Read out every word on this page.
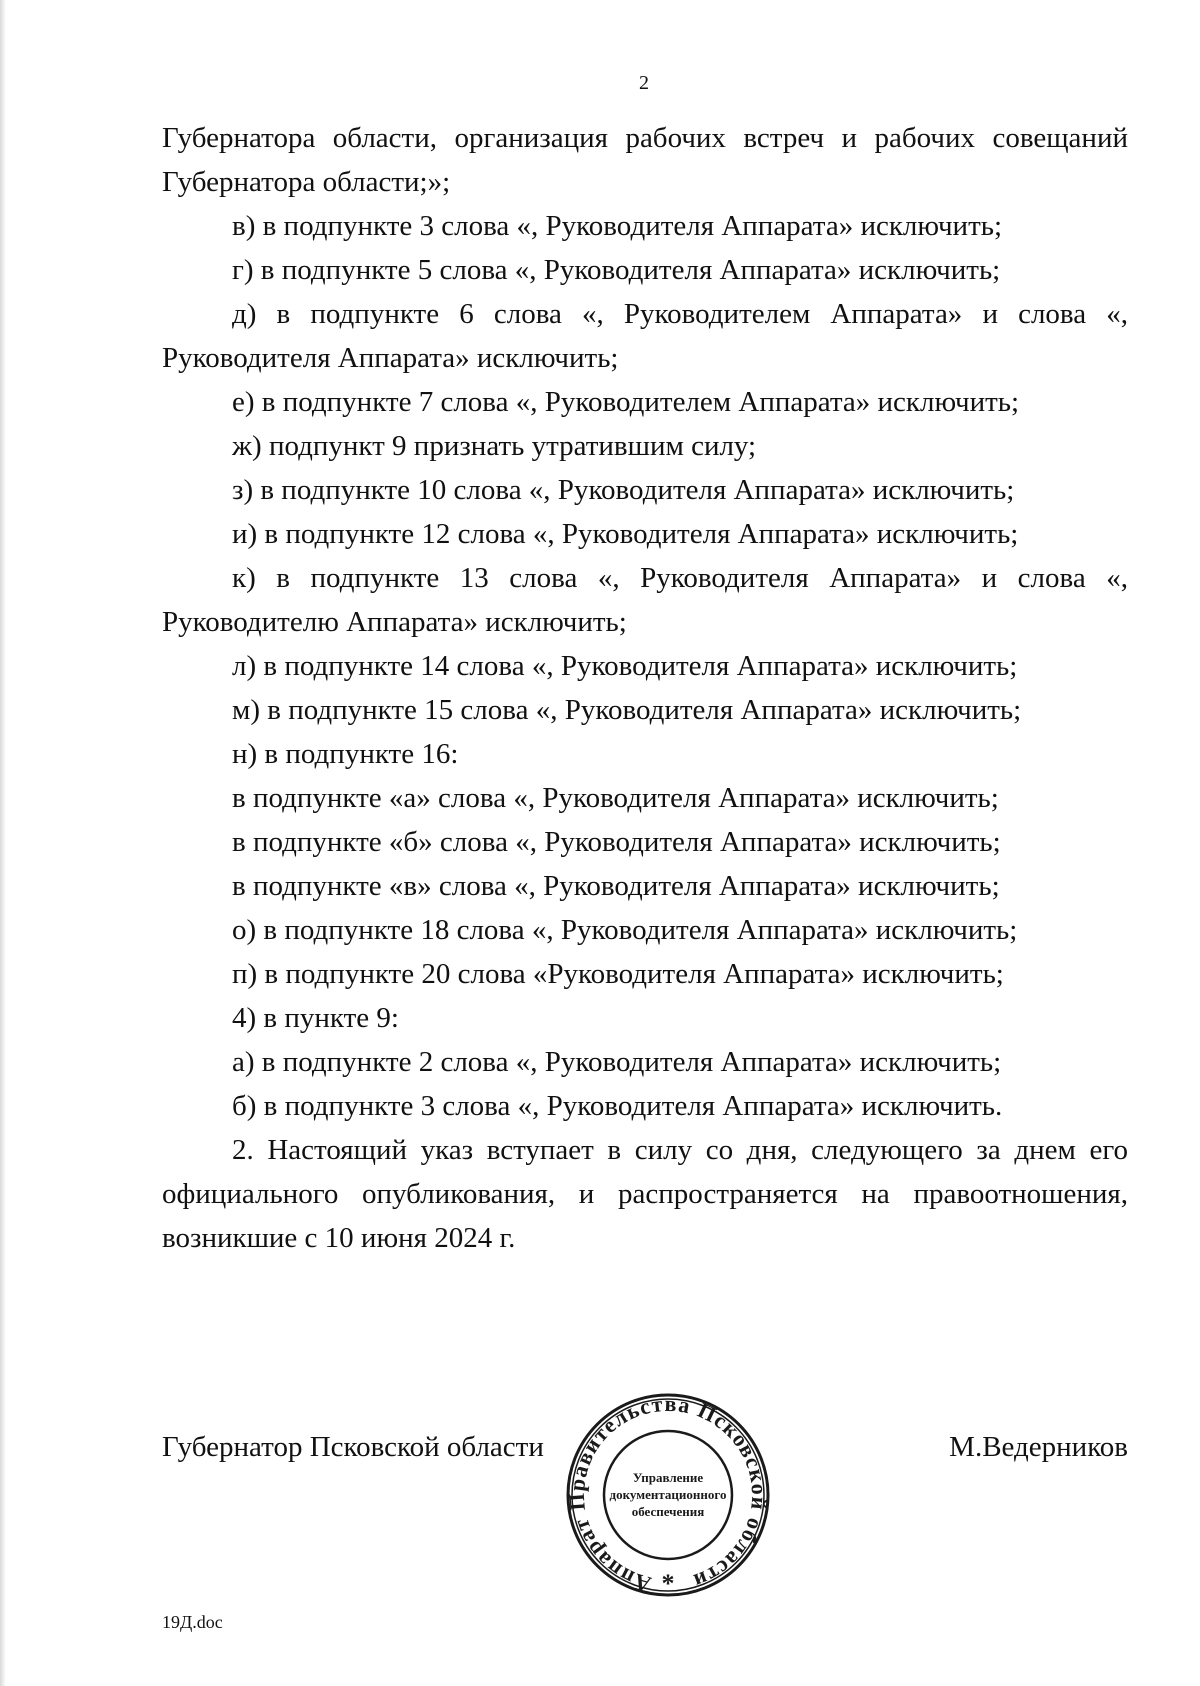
2

Губернатора области, организация рабочих встреч и рабочих совещаний Губернатора области;»;

в) в подпункте 3 слова «, Руководителя Аппарата» исключить;

г) в подпункте 5 слова «, Руководителя Аппарата» исключить;

д) в подпункте 6 слова «, Руководителем Аппарата» и слова «, Руководителя Аппарата» исключить;

е) в подпункте 7 слова «, Руководителем Аппарата» исключить;

ж) подпункт 9 признать утратившим силу;

з) в подпункте 10 слова «, Руководителя Аппарата» исключить;

и) в подпункте 12 слова «, Руководителя Аппарата» исключить;

к) в подпункте 13 слова «, Руководителя Аппарата» и слова «, Руководителю Аппарата» исключить;

л) в подпункте 14 слова «, Руководителя Аппарата» исключить;

м) в подпункте 15 слова «, Руководителя Аппарата» исключить;

н) в подпункте 16:

в подпункте «а» слова «, Руководителя Аппарата» исключить;

в подпункте «б» слова «, Руководителя Аппарата» исключить;

в подпункте «в» слова «, Руководителя Аппарата» исключить;

о) в подпункте 18 слова «, Руководителя Аппарата» исключить;

п) в подпункте 20 слова «Руководителя Аппарата» исключить;

4) в пункте 9:

а) в подпункте 2 слова «, Руководителя Аппарата» исключить;

б) в подпункте 3 слова «, Руководителя Аппарата» исключить.

2. Настоящий указ вступает в силу со дня, следующего за днем его официального опубликования, и распространяется на правоотношения, возникшие с 10 июня 2024 г.

Губернатор Псковской области	М.Ведерников
Аппарат Правительства Псковской области
Управление
документационного
обеспечения
*
19Д.doc
